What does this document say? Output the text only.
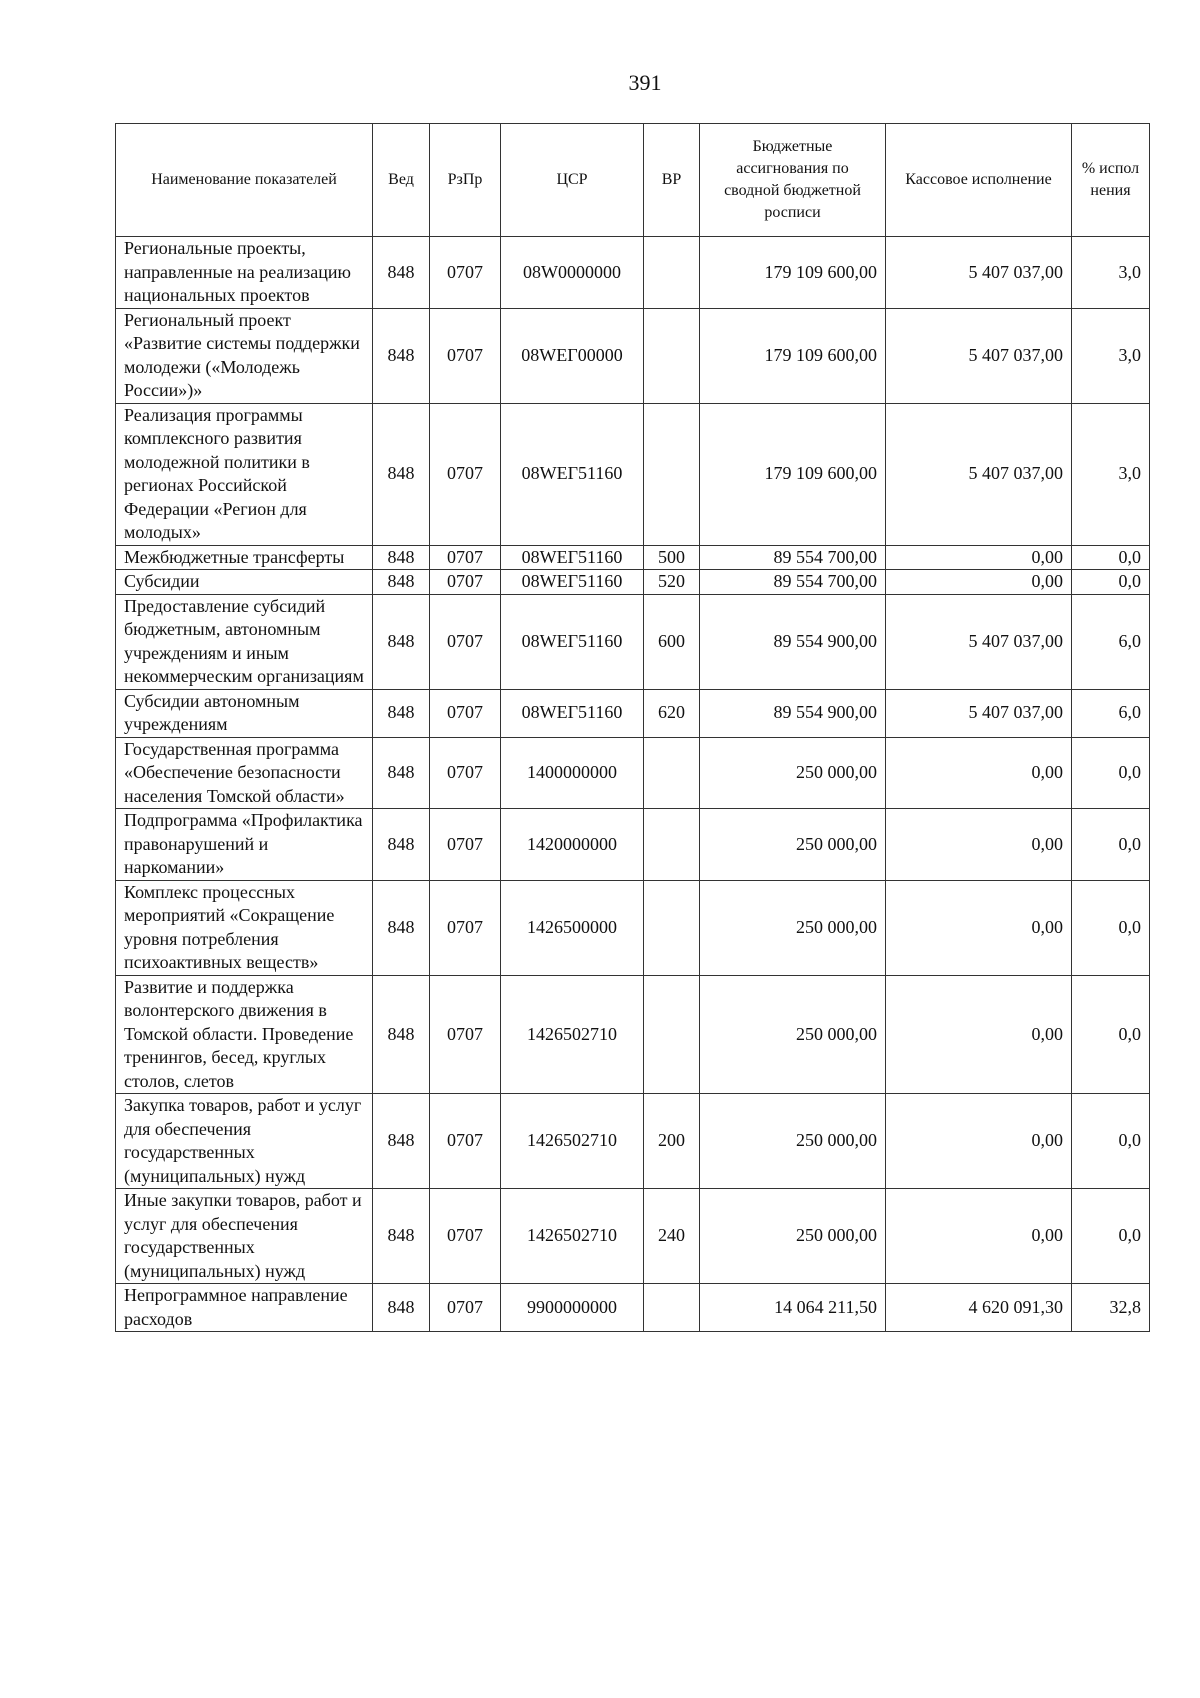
391
Наименование показателей	Вед	РзПр	ЦСР	ВР	Бюджетные ассигнования по сводной бюджетной росписи	Кассовое исполнение	% испол нения
Региональные проекты, направленные на реализацию национальных проектов	848	0707	08W0000000		179 109 600,00	5 407 037,00	3,0
Региональный проект «Развитие системы поддержки молодежи («Молодежь России»)»	848	0707	08WЕГ00000		179 109 600,00	5 407 037,00	3,0
Реализация программы комплексного развития молодежной политики в регионах Российской Федерации «Регион для молодых»	848	0707	08WЕГ51160		179 109 600,00	5 407 037,00	3,0
Межбюджетные трансферты	848	0707	08WЕГ51160	500	89 554 700,00	0,00	0,0
Субсидии	848	0707	08WЕГ51160	520	89 554 700,00	0,00	0,0
Предоставление субсидий бюджетным, автономным учреждениям и иным некоммерческим организациям	848	0707	08WЕГ51160	600	89 554 900,00	5 407 037,00	6,0
Субсидии автономным учреждениям	848	0707	08WЕГ51160	620	89 554 900,00	5 407 037,00	6,0
Государственная программа «Обеспечение безопасности населения Томской области»	848	0707	1400000000		250 000,00	0,00	0,0
Подпрограмма «Профилактика правонарушений и наркомании»	848	0707	1420000000		250 000,00	0,00	0,0
Комплекс процессных мероприятий «Сокращение уровня потребления психоактивных веществ»	848	0707	1426500000		250 000,00	0,00	0,0
Развитие и поддержка волонтерского движения в Томской области. Проведение тренингов, бесед, круглых столов, слетов	848	0707	1426502710		250 000,00	0,00	0,0
Закупка товаров, работ и услуг для обеспечения государственных (муниципальных) нужд	848	0707	1426502710	200	250 000,00	0,00	0,0
Иные закупки товаров, работ и услуг для обеспечения государственных (муниципальных) нужд	848	0707	1426502710	240	250 000,00	0,00	0,0
Непрограммное направление расходов	848	0707	9900000000		14 064 211,50	4 620 091,30	32,8
